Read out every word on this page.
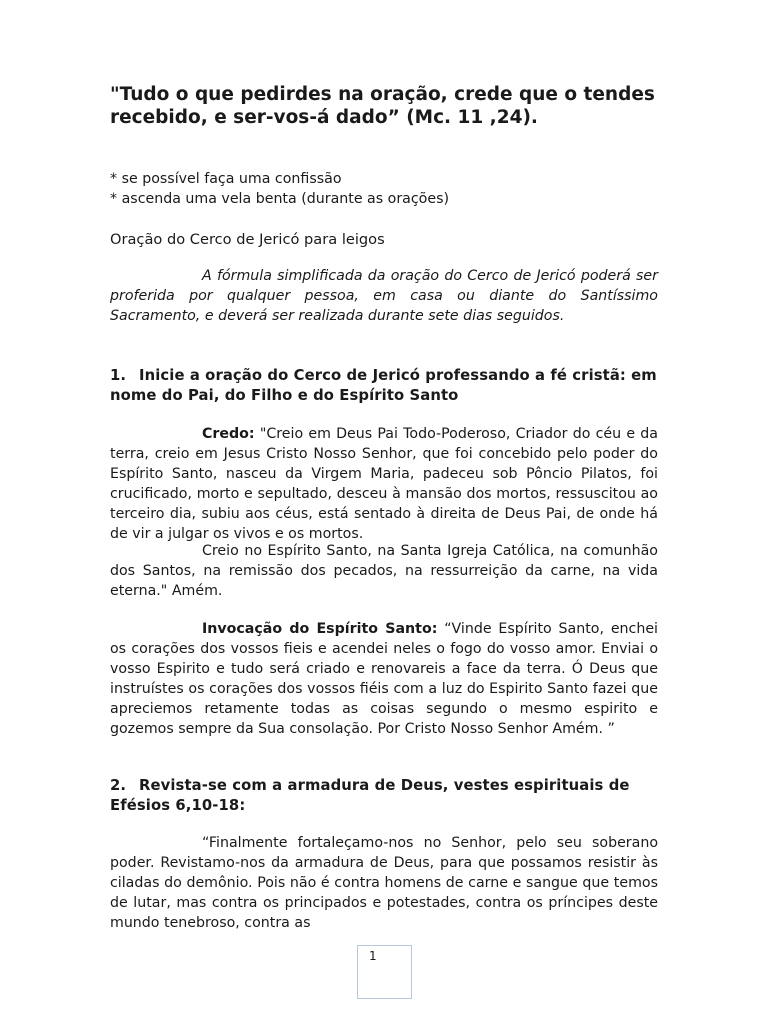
"Tudo o que pedirdes na oração, crede que o tendes recebido, e ser-vos-á dado” (Mc. 11 ,24).

* se possível faça uma confissão

* ascenda uma vela benta (durante as orações)

Oração do Cerco de Jericó para leigos

A fórmula simplificada da oração do Cerco de Jericó poderá ser proferida por qualquer pessoa, em casa ou diante do Santíssimo Sacramento, e deverá ser realizada durante sete dias seguidos.

1. Inicie a oração do Cerco de Jericó professando a fé cristã: em nome do Pai, do Filho e do Espírito Santo

Credo: "Creio em Deus Pai Todo-Poderoso, Criador do céu e da terra, creio em Jesus Cristo Nosso Senhor, que foi concebido pelo poder do Espírito Santo, nasceu da Virgem Maria, padeceu sob Pôncio Pilatos, foi crucificado, morto e sepultado, desceu à mansão dos mortos, ressuscitou ao terceiro dia, subiu aos céus, está sentado à direita de Deus Pai, de onde há de vir a julgar os vivos e os mortos.

Creio no Espírito Santo, na Santa Igreja Católica, na comunhão dos Santos, na remissão dos pecados, na ressurreição da carne, na vida eterna." Amém.

Invocação do Espírito Santo: “Vinde Espírito Santo, enchei os corações dos vossos fieis e acendei neles o fogo do vosso amor. Enviai o vosso Espirito e tudo será criado e renovareis a face da terra. Ó Deus que instruístes os corações dos vossos fiéis com a luz do Espirito Santo fazei que apreciemos retamente todas as coisas segundo o mesmo espirito e gozemos sempre da Sua consolação. Por Cristo Nosso Senhor Amém. ”

2. Revista-se com a armadura de Deus, vestes espirituais de Efésios 6,10-18:

“Finalmente fortaleçamo-nos no Senhor, pelo seu soberano poder. Revistamo-nos da armadura de Deus, para que possamos resistir às ciladas do demônio. Pois não é contra homens de carne e sangue que temos de lutar, mas contra os principados e potestades, contra os príncipes deste mundo tenebroso, contra as

1
